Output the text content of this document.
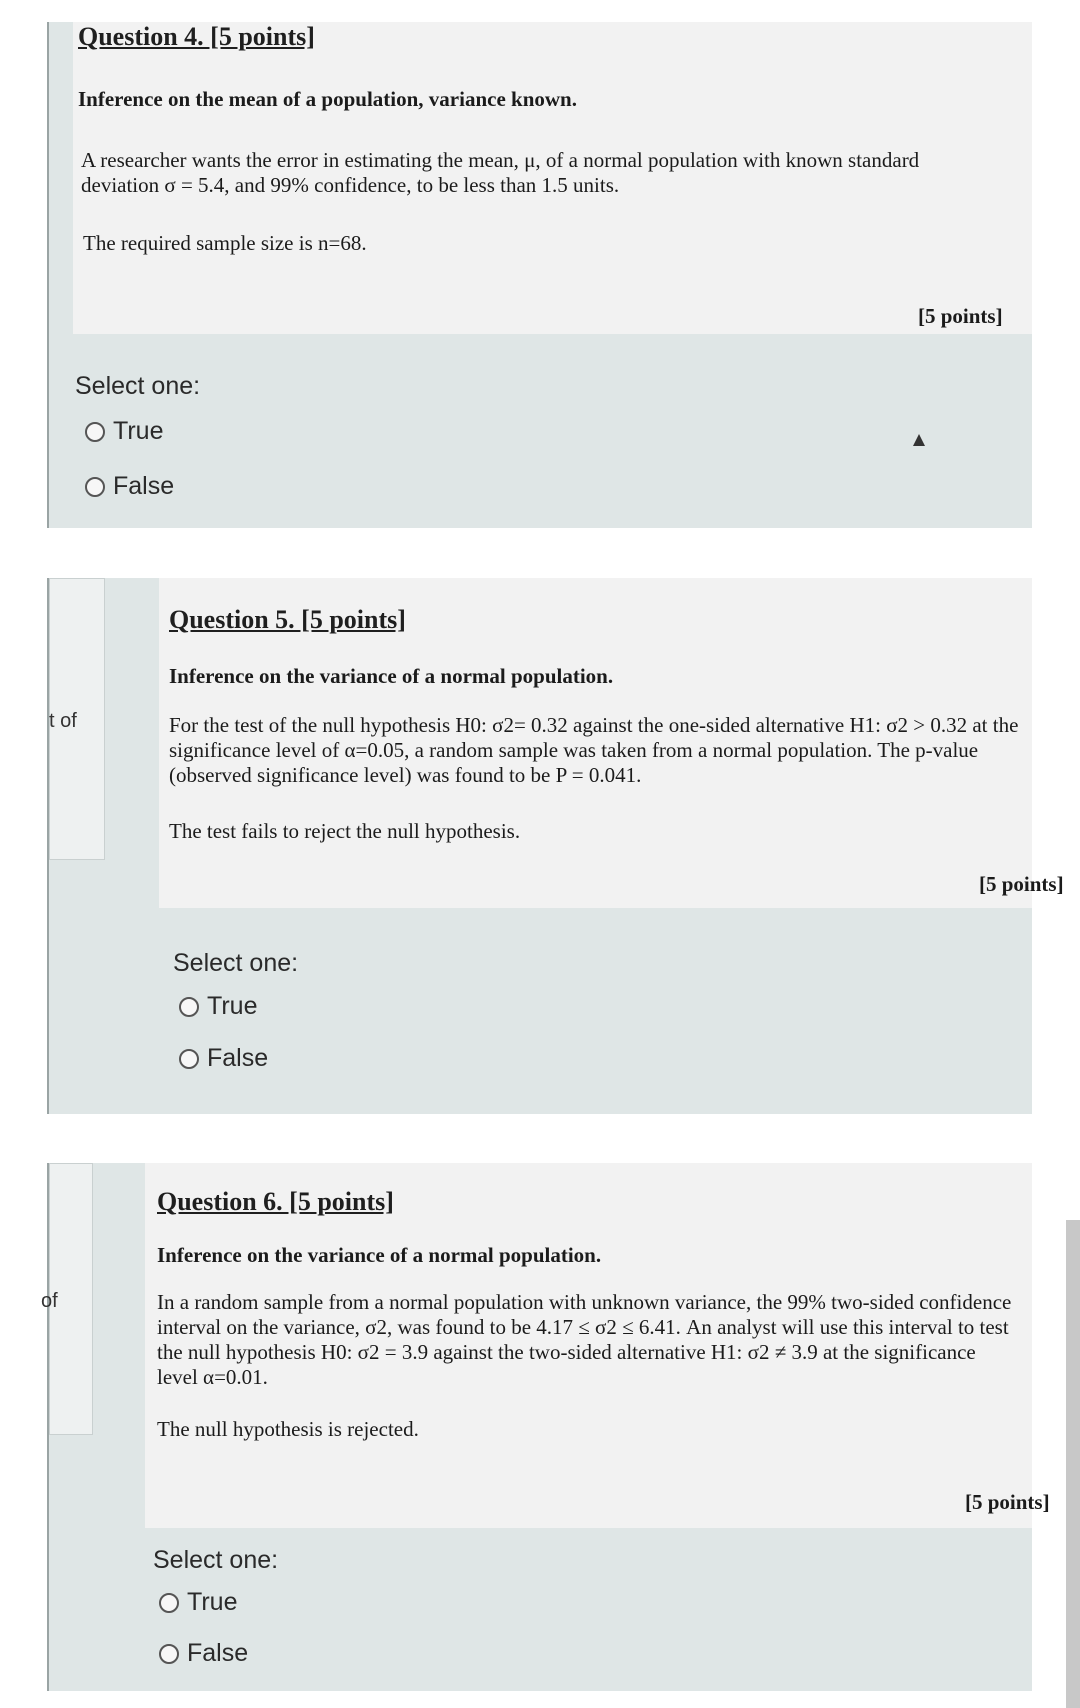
Question 4. [5 points]
Inference on the mean of a population, variance known.
A researcher wants the error in estimating the mean, μ, of a normal population with known standard deviation σ = 5.4, and 99% confidence, to be less than 1.5 units.
The required sample size is n=68.
[5 points]
Select one:
True
False
t of
Question 5. [5 points]
Inference on the variance of a normal population.
For the test of the null hypothesis H0: σ2= 0.32 against the one-sided alternative H1: σ2 > 0.32 at the significance level of α=0.05, a random sample was taken from a normal population. The p-value (observed significance level) was found to be P = 0.041.
The test fails to reject the null hypothesis.
[5 points]
Select one:
True
False
of
Question 6. [5 points]
Inference on the variance of a normal population.
In a random sample from a normal population with unknown variance, the 99% two-sided confidence interval on the variance, σ2, was found to be 4.17 ≤ σ2 ≤ 6.41. An analyst will use this interval to test the null hypothesis H0: σ2 = 3.9 against the two-sided alternative H1: σ2 ≠ 3.9 at the significance level α=0.01.
The null hypothesis is rejected.
[5 points]
Select one:
True
False
